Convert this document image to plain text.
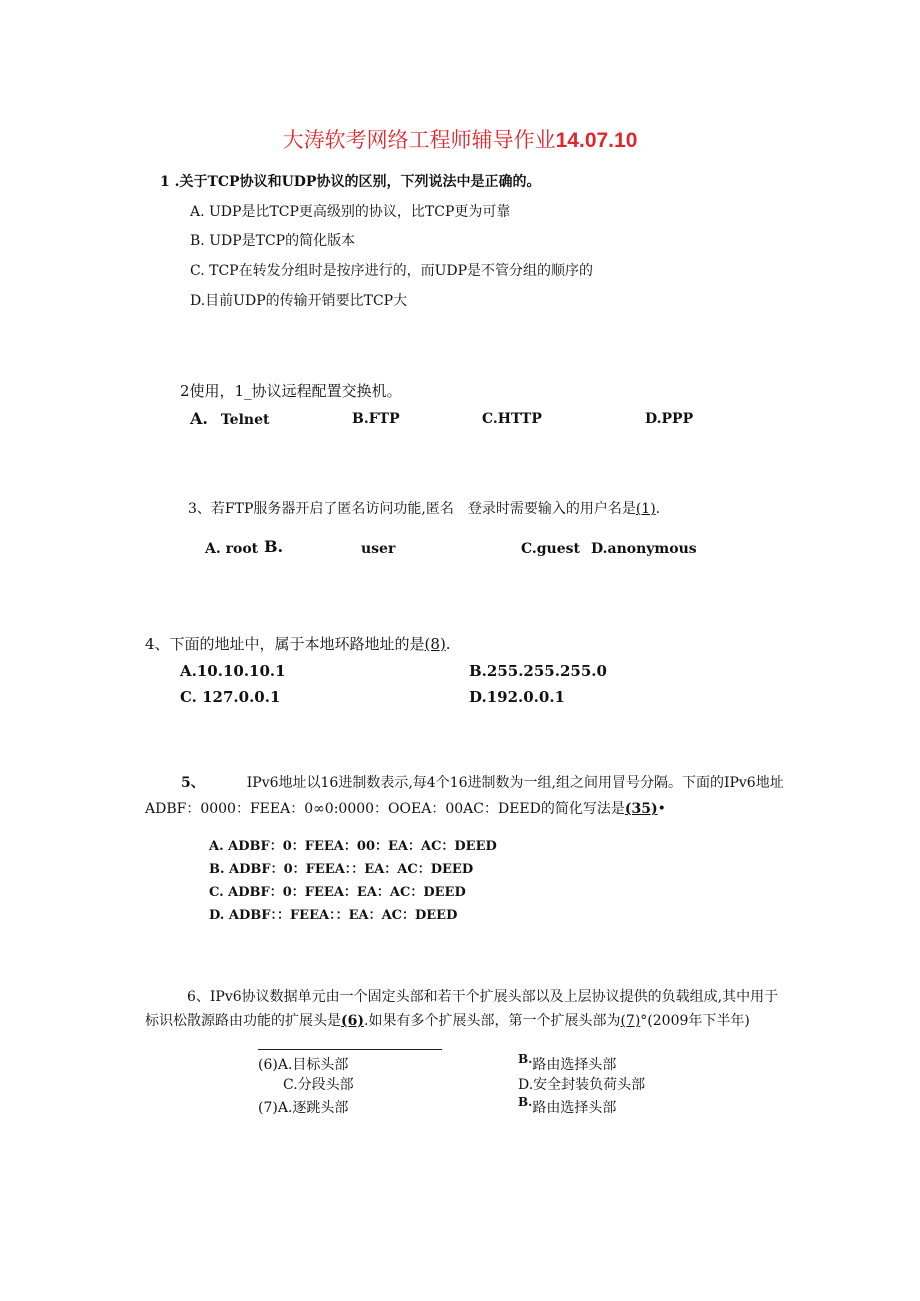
大涛软考网络工程师辅导作业14.07.10
1 .关于TCP协议和UDP协议的区别，下列说法中是正确的。
A. UDP是比TCP更高级别的协议，比TCP更为可靠
B. UDP是TCP的简化版本
C. TCP在转发分组时是按序进行的，而UDP是不管分组的顺序的
D.目前UDP的传输开销要比TCP大
2使用，1_协议远程配置交换机。
A. Telnet	B.FTP	C.HTTP	D.PPP
3、若FTP服务器开启了匿名访问功能,匿名　登录时需要输入的用户名是(1).
A. root B.	user	C.guest D.anonymous
4、下面的地址中，属于本地环路地址的是(8).
A.10.10.10.1	B.255.255.255.0
C. 127.0.0.1	D.192.0.0.1
5、	IPv6地址以16进制数表示,每4个16进制数为一组,组之间用冒号分隔。下面的IPv6地址ADBF：0000：FEEA：0∞0:0000：OOEA：00AC：DEED的简化写法是(35)•
A. ADBF：0：FEEA：00：EA：AC：DEED
B. ADBF：0：FEEA：：EA：AC：DEED
C. ADBF：0：FEEA：EA：AC：DEED
D. ADBF：：FEEA：：EA：AC：DEED
6、IPv6协议数据单元由一个固定头部和若干个扩展头部以及上层协议提供的负载组成,其中用于标识松散源路由功能的扩展头是(6).如果有多个扩展头部，第一个扩展头部为(7)°(2009年下半年)
(6)A.目标头部	B.路由选择头部
C.分段头部	D.安全封装负荷头部
(7)A.逐跳头部	B.路由选择头部
